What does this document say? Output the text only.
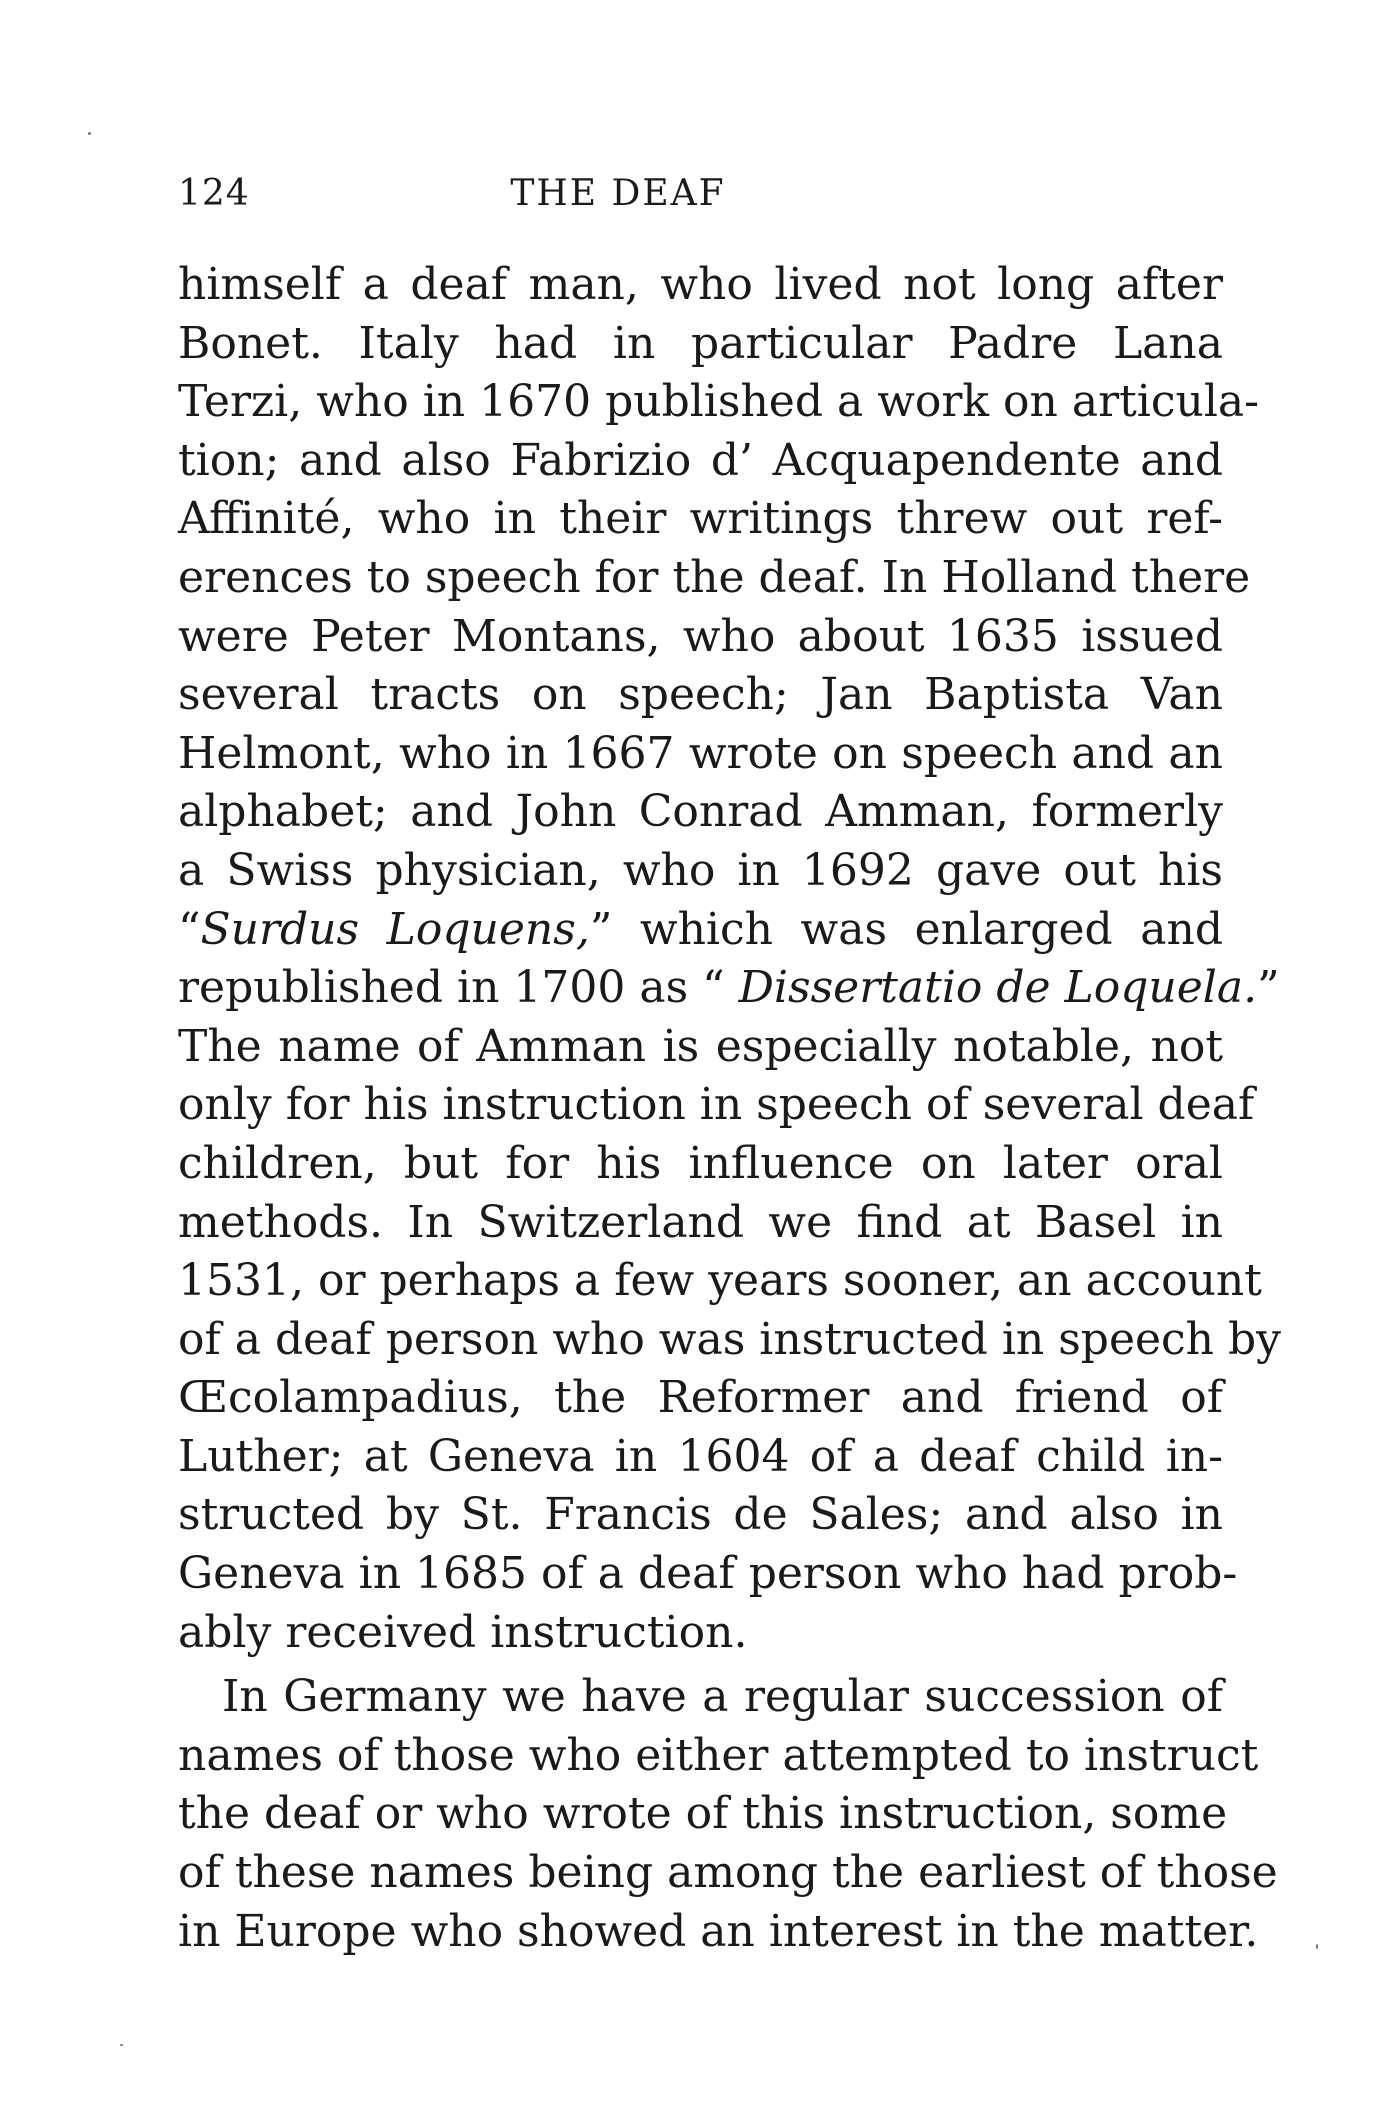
124	THE DEAF
himself a deaf man, who lived not long after
Bonet. Italy had in particular Padre Lana
Terzi, who in 1670 published a work on articula-
tion; and also Fabrizio d’ Acquapendente and
Affinité, who in their writings threw out ref-
erences to speech for the deaf. In Holland there
were Peter Montans, who about 1635 issued
several tracts on speech; Jan Baptista Van
Helmont, who in 1667 wrote on speech and an
alphabet; and John Conrad Amman, formerly
a Swiss physician, who in 1692 gave out his
“Surdus Loquens,” which was enlarged and
republished in 1700 as “ Dissertatio de Loquela.”
The name of Amman is especially notable, not
only for his instruction in speech of several deaf
children, but for his influence on later oral
methods. In Switzerland we find at Basel in
1531, or perhaps a few years sooner, an account
of a deaf person who was instructed in speech by
Œcolampadius, the Reformer and friend of
Luther; at Geneva in 1604 of a deaf child in-
structed by St. Francis de Sales; and also in
Geneva in 1685 of a deaf person who had prob-
ably received instruction.
In Germany we have a regular succession of
names of those who either attempted to instruct
the deaf or who wrote of this instruction, some
of these names being among the earliest of those
in Europe who showed an interest in the matter.
